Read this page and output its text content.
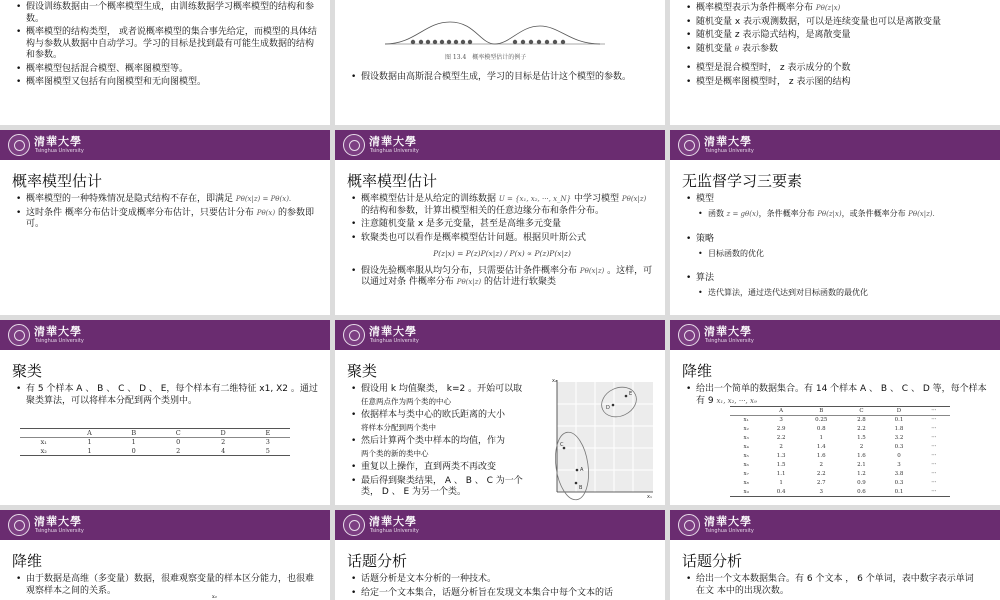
• 假设训练数据由一个概率模型生成，由训练数据学习概率模型的结构和参数。
• 概率模型的结构类型， 或者说概率模型的集合事先给定，而模型的具体结构与参数从数据中自动学习。学习的目标是找到最有可能生成数据的结构和参数。
• 概率模型包括混合模型、概率图模型等。
• 概率图模型又包括有向图模型和无向图模型。
图 13.4　概率模型估计的例子
• 假设数据由高斯混合模型生成，学习的目标是估计这个模型的参数。
• 概率模型表示为条件概率分布 Pθ(z|x)
• 随机变量 x 表示观测数据，可以是连续变量也可以是离散变量
• 随机变量 z 表示隐式结构，是离散变量
• 随机变量 θ 表示参数
• 模型是混合模型时， z 表示成分的个数
• 模型是概率图模型时， z 表示图的结构
清華大學
Tsinghua University
概率模型估计
• 概率模型的一种特殊情况是隐式结构不存在，即满足 Pθ(x|z) = Pθ(x).
• 这时条件 概率分布估计变成概率分布估计，只要估计分布 Pθ(x) 的参数即可。
清華大學
Tsinghua University
概率模型估计
• 概率模型估计是从给定的训练数据 U = {x₁, x₂, ···, x_N} 中学习模型 Pθ(x|z)的结构和参数，计算出模型相关的任意边缘分布和条件分布。
• 注意随机变量 x 是多元变量，甚至是高维多元变量
• 软聚类也可以看作是概率模型估计问题。根据贝叶斯公式
P(z|x) = P(z)P(x|z) / P(x) ∝ P(z)P(x|z)
• 假设先验概率服从均匀分布，只需要估计条件概率分布 Pθ(x|z) 。这样，可以通过对条 件概率分布 Pθ(x|z) 的估计进行软聚类
清華大學
Tsinghua University
无监督学习三要素
• 模型
• 函数 z = gθ(x)，条件概率分布 Pθ(z|x)，或条件概率分布 Pθ(x|z).
• 策略
• 目标函数的优化
• 算法
• 迭代算法，通过迭代达到对目标函数的最优化
清華大學
Tsinghua University
聚类
• 有 5 个样本 A 、 B 、 C 、 D 、 E，每个样本有二维特征 x1, X2 。通过聚类算法，可以将样本分配到两个类别中。
	A	B	C	D	E
x₁	1	1	0	2	3
x₂	1	0	2	4	5
清華大學
Tsinghua University
聚类
• 假设用 k 均值聚类， k=2 。开始可以取
任意两点作为两个类的中心
• 依据样本与类中心的欧氏距离的大小
将样本分配到两个类中
• 然后计算两个类中样本的均值，作为
两个类的新的类中心
• 重复以上操作，直到两类不再改变
• 最后得到聚类结果， A 、 B 、 C 为一个类， D 、 E 为另一个类。
x₂
x₁
A
B
C
D
E
清華大學
Tsinghua University
降维
• 给出一个简单的数据集合。有 14 个样本 A 、 B 、 C 、 D 等，每个样本有 9 x₁, x₂, ···, x₉
	A	B	C	D	···
x₁	3	0.25	2.8	0.1	···
x₂	2.9	0.8	2.2	1.8	···
x₃	2.2	1	1.5	3.2	···
x₄	2	1.4	2	0.3	···
x₅	1.3	1.6	1.6	0	···
x₆	1.5	2	2.1	3	···
x₇	1.1	2.2	1.2	3.8	···
x₈	1	2.7	0.9	0.3	···
x₉	0.4	3	0.6	0.1	···
清華大學
Tsinghua University
降维
• 由于数据是高维（多变量）数据，很难观察变量的样本区分能力，也很难观察样本之间的关系。
x₂
清華大學
Tsinghua University
话题分析
• 话题分析是文本分析的一种技术。
• 给定一个文本集合，话题分析旨在发现文本集合中每个文本的话
清華大學
Tsinghua University
话题分析
• 给出一个文本数据集合。有 6 个文本 ， 6 个单词，表中数字表示单词在文 本中的出现次数。
